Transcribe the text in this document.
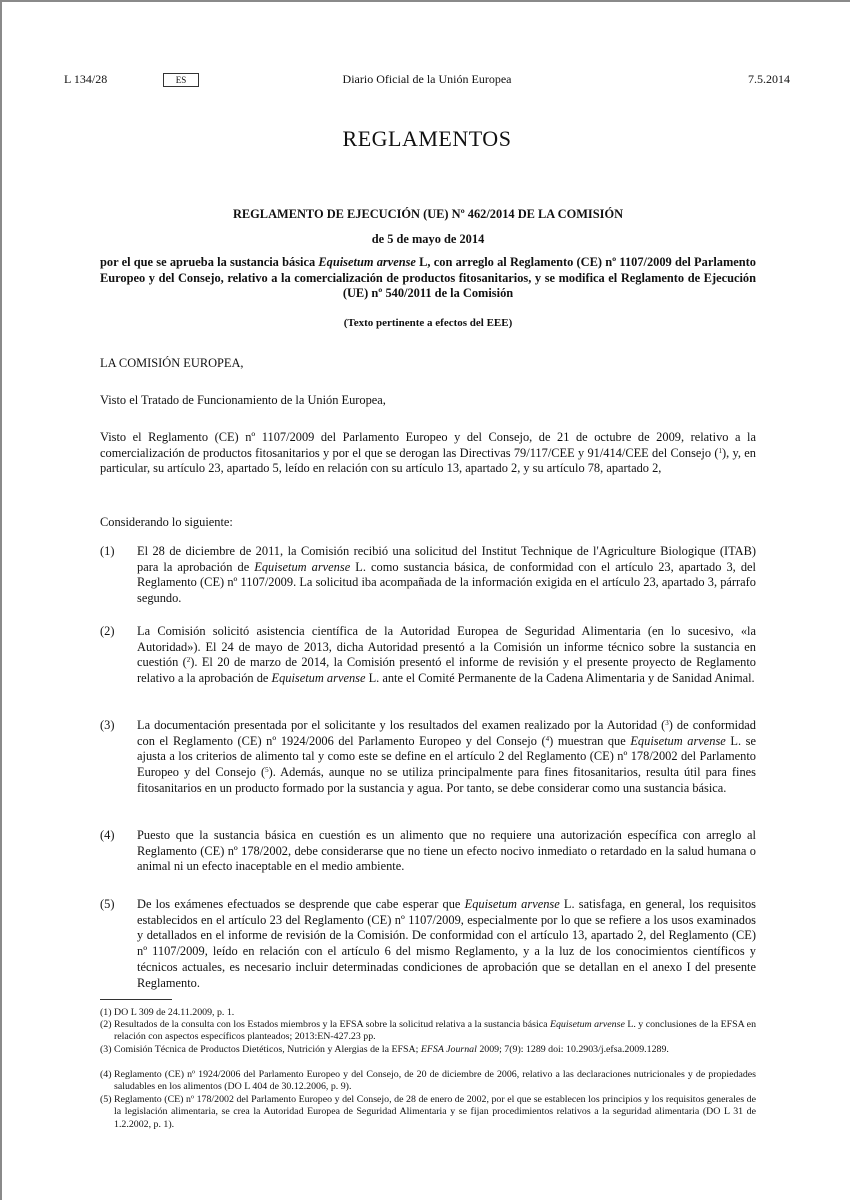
L 134/28	ES	Diario Oficial de la Unión Europea	7.5.2014
REGLAMENTOS
REGLAMENTO DE EJECUCIÓN (UE) Nº 462/2014 DE LA COMISIÓN
de 5 de mayo de 2014
por el que se aprueba la sustancia básica Equisetum arvense L, con arreglo al Reglamento (CE) nº 1107/2009 del Parlamento Europeo y del Consejo, relativo a la comercialización de productos fitosanitarios, y se modifica el Reglamento de Ejecución (UE) nº 540/2011 de la Comisión
(Texto pertinente a efectos del EEE)
LA COMISIÓN EUROPEA,
Visto el Tratado de Funcionamiento de la Unión Europea,
Visto el Reglamento (CE) nº 1107/2009 del Parlamento Europeo y del Consejo, de 21 de octubre de 2009, relativo a la comercialización de productos fitosanitarios y por el que se derogan las Directivas 79/117/CEE y 91/414/CEE del Consejo ($^1$), y, en particular, su artículo 23, apartado 5, leído en relación con su artículo 13, apartado 2, y su artículo 78, apartado 2,
Considerando lo siguiente:
(1) El 28 de diciembre de 2011, la Comisión recibió una solicitud del Institut Technique de l'Agriculture Biologique (ITAB) para la aprobación de Equisetum arvense L. como sustancia básica, de conformidad con el artículo 23, apartado 3, del Reglamento (CE) nº 1107/2009. La solicitud iba acompañada de la información exigida en el artículo 23, apartado 3, párrafo segundo.
(2) La Comisión solicitó asistencia científica de la Autoridad Europea de Seguridad Alimentaria (en lo sucesivo, «la Autoridad»). El 24 de mayo de 2013, dicha Autoridad presentó a la Comisión un informe técnico sobre la sustancia en cuestión ($^2$). El 20 de marzo de 2014, la Comisión presentó el informe de revisión y el presente proyecto de Reglamento relativo a la aprobación de Equisetum arvense L. ante el Comité Permanente de la Cadena Alimentaria y de Sanidad Animal.
(3) La documentación presentada por el solicitante y los resultados del examen realizado por la Autoridad ($^3$) de conformidad con el Reglamento (CE) nº 1924/2006 del Parlamento Europeo y del Consejo ($^4$) muestran que Equisetum arvense L. se ajusta a los criterios de alimento tal y como este se define en el artículo 2 del Reglamento (CE) nº 178/2002 del Parlamento Europeo y del Consejo ($^5$). Además, aunque no se utiliza principalmente para fines fitosanitarios, resulta útil para fines fitosanitarios en un producto formado por la sustancia y agua. Por tanto, se debe considerar como una sustancia básica.
(4) Puesto que la sustancia básica en cuestión es un alimento que no requiere una autorización específica con arreglo al Reglamento (CE) nº 178/2002, debe considerarse que no tiene un efecto nocivo inmediato o retardado en la salud humana o animal ni un efecto inaceptable en el medio ambiente.
(5) De los exámenes efectuados se desprende que cabe esperar que Equisetum arvense L. satisfaga, en general, los requisitos establecidos en el artículo 23 del Reglamento (CE) nº 1107/2009, especialmente por lo que se refiere a los usos examinados y detallados en el informe de revisión de la Comisión. De conformidad con el artículo 13, apartado 2, del Reglamento (CE) nº 1107/2009, leído en relación con el artículo 6 del mismo Reglamento, y a la luz de los conocimientos científicos y técnicos actuales, es necesario incluir determinadas condiciones de aprobación que se detallan en el anexo I del presente Reglamento.
(1) DO L 309 de 24.11.2009, p. 1.
(2) Resultados de la consulta con los Estados miembros y la EFSA sobre la solicitud relativa a la sustancia básica Equisetum arvense L. y conclusiones de la EFSA en relación con aspectos específicos planteados; 2013:EN-427.23 pp.
(3) Comisión Técnica de Productos Dietéticos, Nutrición y Alergias de la EFSA; EFSA Journal 2009; 7(9): 1289 doi: 10.2903/j.efsa.2009.1289.
(4) Reglamento (CE) nº 1924/2006 del Parlamento Europeo y del Consejo, de 20 de diciembre de 2006, relativo a las declaraciones nutricionales y de propiedades saludables en los alimentos (DO L 404 de 30.12.2006, p. 9).
(5) Reglamento (CE) nº 178/2002 del Parlamento Europeo y del Consejo, de 28 de enero de 2002, por el que se establecen los principios y los requisitos generales de la legislación alimentaria, se crea la Autoridad Europea de Seguridad Alimentaria y se fijan procedimientos relativos a la seguridad alimentaria (DO L 31 de 1.2.2002, p. 1).
